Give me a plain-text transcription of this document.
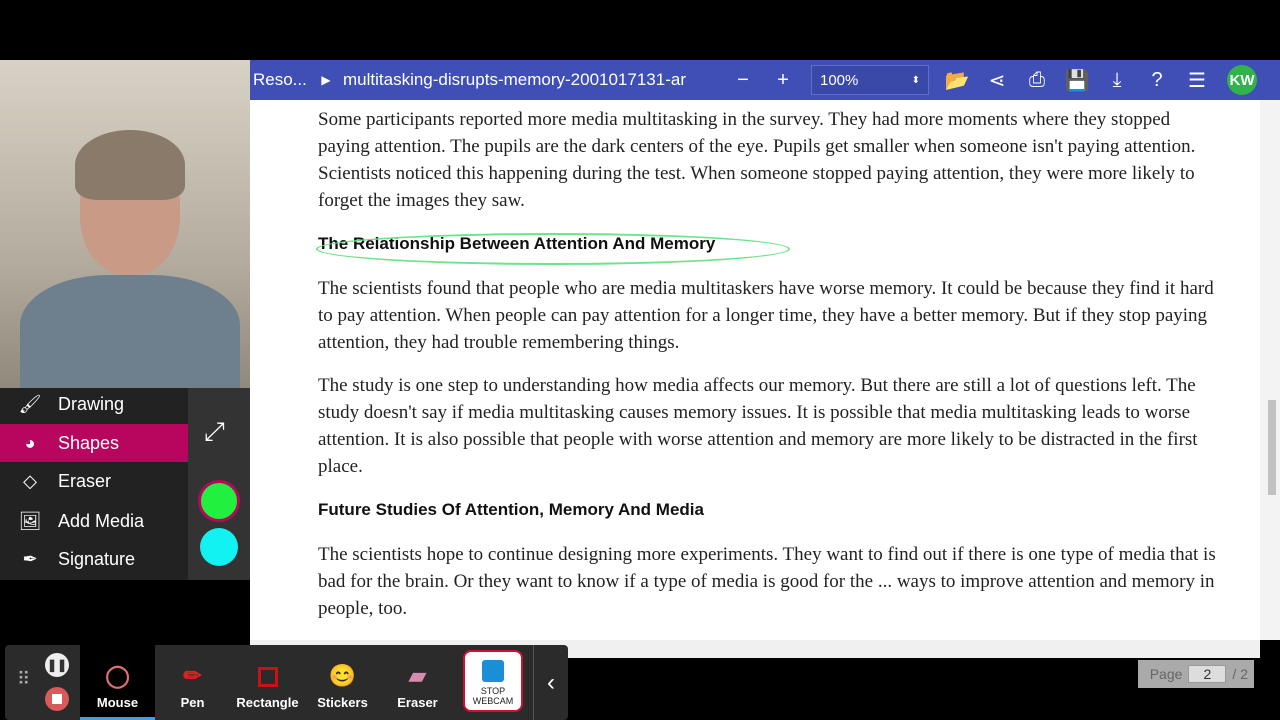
Reso...	▶ multitasking-disrupts-memory-2001017131-ar	−	+	100%	⬍	📂 ⋖	⎙ 💾	⤓	?	☰	KW

Some participants reported more media multitasking in the survey. They had more moments where they stopped paying attention. The pupils are the dark centers of the eye. Pupils get smaller when someone isn't paying attention. Scientists noticed this happening during the test. When someone stopped paying attention, they were more likely to forget the images they saw.

The Relationship Between Attention And Memory

The scientists found that people who are media multitaskers have worse memory. It could be because they find it hard to pay attention. When people can pay attention for a longer time, they have a better memory. But if they stop paying attention, they had trouble remembering things.

The study is one step to understanding how media affects our memory. But there are still a lot of questions left. The study doesn't say if media multitasking causes memory issues. It is possible that media multitasking leads to worse attention. It is also possible that people with worse attention and memory are more likely to be distracted in the first place.

Future Studies Of Attention, Memory And Media

The scientists hope to continue designing more experiments. They want to find out if there is one type of media that is bad for the brain. Or they want to know if a type of media is good for the ... ways to improve attention and memory in people, too.

Page	2	/ 2
🖌 Drawing
◕	Shapes
◇	Eraser
🖼 Add Media
✒	Signature
⤢
⠿
❚❚	◯
Mouse
✏
Pen	Rectangle
😊
Stickers
▰
Eraser
STOP WEBCAM
‹
